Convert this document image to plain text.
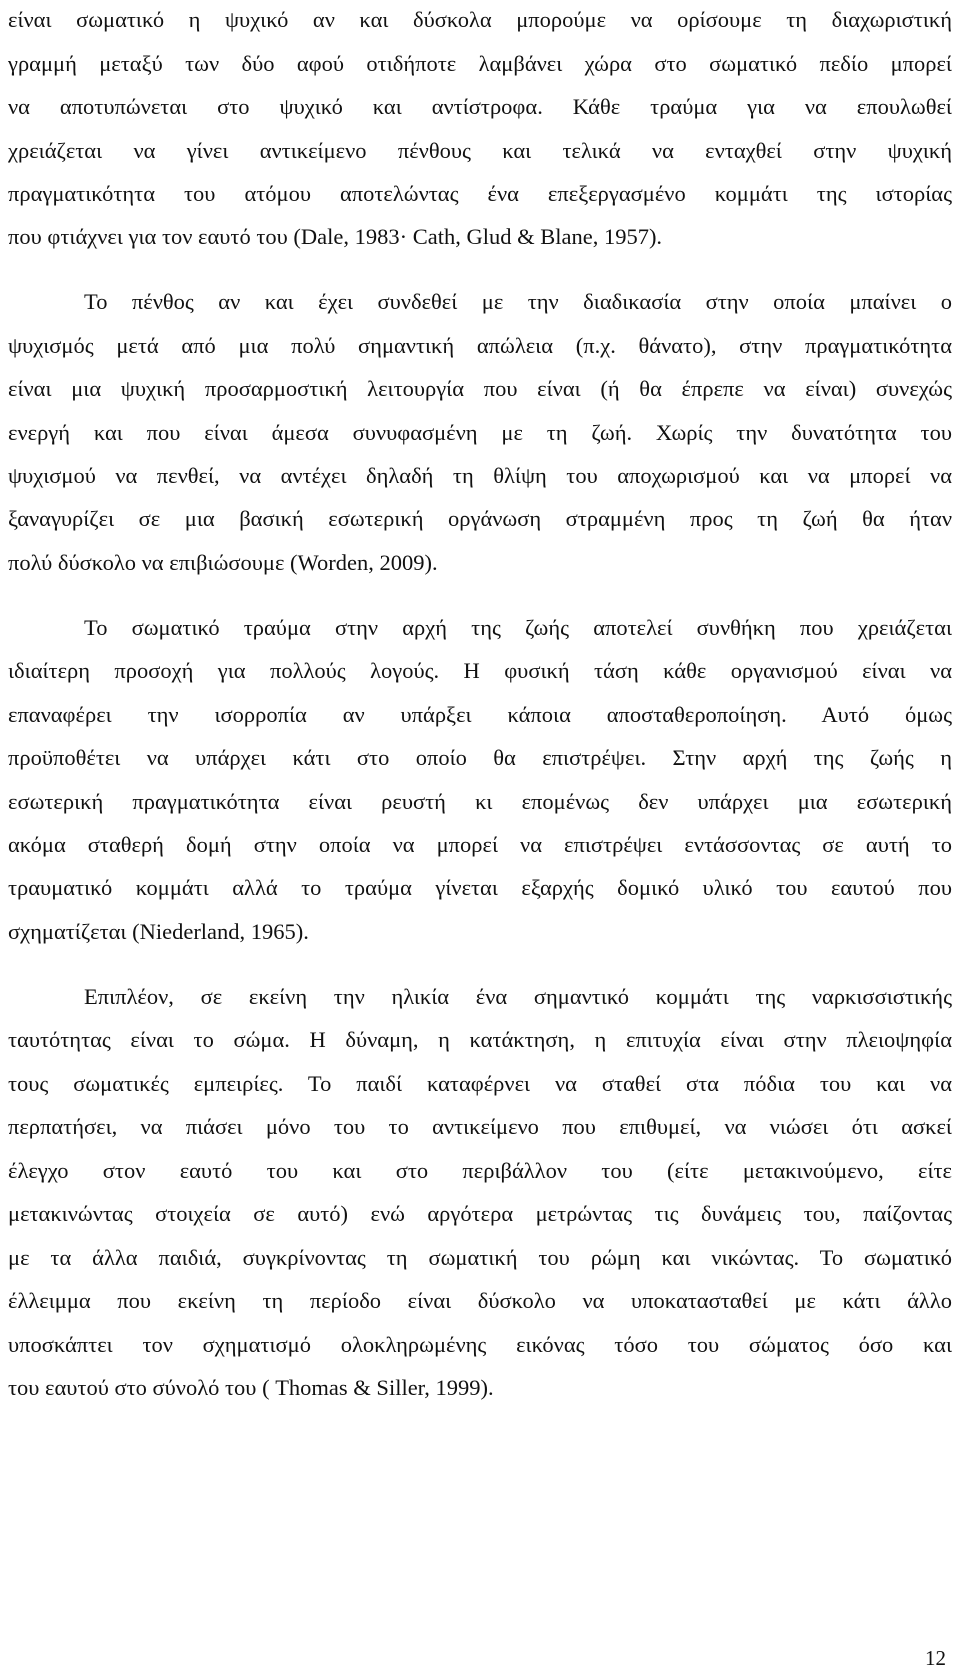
είναι σωματικό η ψυχικό αν και δύσκολα μπορούμε να ορίσουμε τη διαχωριστική
γραμμή μεταξύ των δύο αφού οτιδήποτε λαμβάνει χώρα στο σωματικό πεδίο μπορεί
να αποτυπώνεται στο ψυχικό και αντίστροφα. Κάθε τραύμα για να επουλωθεί
χρειάζεται να γίνει αντικείμενο πένθους και τελικά να ενταχθεί στην ψυχική
πραγματικότητα του ατόμου αποτελώντας ένα επεξεργασμένο κομμάτι της ιστορίας
που φτιάχνει για τον εαυτό του (Dale, 1983· Cath, Glud & Blane, 1957).
Το πένθος αν και έχει συνδεθεί με την διαδικασία στην οποία μπαίνει ο
ψυχισμός μετά από μια πολύ σημαντική απώλεια (π.χ. θάνατο), στην πραγματικότητα
είναι μια ψυχική προσαρμοστική λειτουργία που είναι (ή θα έπρεπε να είναι) συνεχώς
ενεργή και που είναι άμεσα συνυφασμένη με τη ζωή. Χωρίς την δυνατότητα του
ψυχισμού να πενθεί, να αντέχει δηλαδή τη θλίψη του αποχωρισμού και να μπορεί να
ξαναγυρίζει σε μια βασική εσωτερική οργάνωση στραμμένη προς τη ζωή θα ήταν
πολύ δύσκολο να επιβιώσουμε (Worden, 2009).
Το σωματικό τραύμα στην αρχή της ζωής αποτελεί συνθήκη που χρειάζεται
ιδιαίτερη προσοχή για πολλούς λογούς. Η φυσική τάση κάθε οργανισμού είναι να
επαναφέρει την ισορροπία αν υπάρξει κάποια αποσταθεροποίηση. Αυτό όμως
προϋποθέτει να υπάρχει κάτι στο οποίο θα επιστρέψει. Στην αρχή της ζωής η
εσωτερική πραγματικότητα είναι ρευστή κι επομένως δεν υπάρχει μια εσωτερική
ακόμα σταθερή δομή στην οποία να μπορεί να επιστρέψει εντάσσοντας σε αυτή το
τραυματικό κομμάτι αλλά το τραύμα γίνεται εξαρχής δομικό υλικό του εαυτού που
σχηματίζεται (Niederland, 1965).
Επιπλέον, σε εκείνη την ηλικία ένα σημαντικό κομμάτι της ναρκισσιστικής
ταυτότητας είναι το σώμα. Η δύναμη, η κατάκτηση, η επιτυχία είναι στην πλειοψηφία
τους σωματικές εμπειρίες. Το παιδί καταφέρνει να σταθεί στα πόδια του και να
περπατήσει, να πιάσει μόνο του το αντικείμενο που επιθυμεί, να νιώσει ότι ασκεί
έλεγχο στον εαυτό του και στο περιβάλλον του (είτε μετακινούμενο, είτε
μετακινώντας στοιχεία σε αυτό) ενώ αργότερα μετρώντας τις δυνάμεις του, παίζοντας
με τα άλλα παιδιά, συγκρίνοντας τη σωματική του ρώμη και νικώντας. Το σωματικό
έλλειμμα που εκείνη τη περίοδο είναι δύσκολο να υποκατασταθεί με κάτι άλλο
υποσκάπτει τον σχηματισμό ολοκληρωμένης εικόνας τόσο του σώματος όσο και
του εαυτού στο σύνολό του ( Thomas & Siller, 1999).
12
